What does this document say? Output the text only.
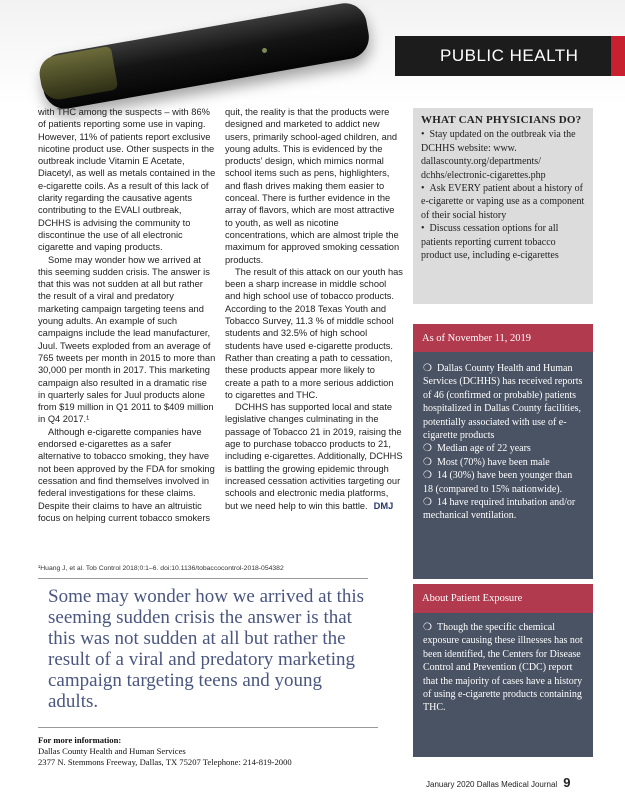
PUBLIC HEALTH

with THC among the suspects – with 86% of patients reporting some use in vaping. However, 11% of patients report exclusive nicotine product use. Other suspects in the outbreak include Vitamin E Acetate, Diacetyl, as well as metals contained in the e-cigarette coils. As a result of this lack of clarity regarding the causative agents contributing to the EVALI outbreak, DCHHS is advising the community to discontinue the use of all electronic cigarette and vaping products.

Some may wonder how we arrived at this seeming sudden crisis. The answer is that this was not sudden at all but rather the result of a viral and predatory marketing campaign targeting teens and young adults. An example of such campaigns include the lead manufacturer, Juul. Tweets exploded from an average of 765 tweets per month in 2015 to more than 30,000 per month in 2017. This marketing campaign also resulted in a dramatic rise in quarterly sales for Juul products alone from $19 million in Q1 2011 to $409 million in Q4 2017.¹

Although e-cigarette companies have endorsed e-cigarettes as a safer alternative to tobacco smoking, they have not been approved by the FDA for smoking cessation and find themselves involved in federal investigations for these claims. Despite their claims to have an altruistic focus on helping current tobacco smokers

quit, the reality is that the products were designed and marketed to addict new users, primarily school-aged children, and young adults. This is evidenced by the products' design, which mimics normal school items such as pens, highlighters, and flash drives making them easier to conceal. There is further evidence in the array of flavors, which are most attractive to youth, as well as nicotine concentrations, which are almost triple the maximum for approved smoking cessation products.

The result of this attack on our youth has been a sharp increase in middle school and high school use of tobacco products. According to the 2018 Texas Youth and Tobacco Survey, 11.3 % of middle school students and 32.5% of high school students have used e-cigarette products. Rather than creating a path to cessation, these products appear more likely to create a path to a more serious addiction to cigarettes and THC.

DCHHS has supported local and state legislative changes culminating in the passage of Tobacco 21 in 2019, raising the age to purchase tobacco products to 21, including e-cigarettes. Additionally, DCHHS is battling the growing epidemic through increased cessation activities targeting our schools and electronic media platforms, but we need help to win this battle. DMJ

¹Huang J, et al. Tob Control 2018;0:1–6. doi:10.1136/tobaccocontrol-2018-054382
Some may wonder how we arrived at this seeming sudden crisis the answer is that this was not sudden at all but rather the result of a viral and predatory marketing campaign targeting teens and young adults.
For more information:
Dallas County Health and Human Services
2377 N. Stemmons Freeway, Dallas, TX 75207 Telephone: 214-819-2000
WHAT CAN PHYSICIANS DO?
• Stay updated on the outbreak via the DCHHS website: www. dallascounty.org/departments/ dchhs/electronic-cigarettes.php
• Ask EVERY patient about a history of e-cigarette or vaping use as a component of their social history
• Discuss cessation options for all patients reporting current tobacco product use, including e-cigarettes
As of November 11, 2019

❍ Dallas County Health and Human Services (DCHHS) has received reports of 46 (confirmed or probable) patients hospitalized in Dallas County facilities, potentially associated with use of e-cigarette products

❍ Median age of 22 years

❍ Most (70%) have been male

❍ 14 (30%) have been younger than 18 (compared to 15% nationwide).

❍ 14 have required intubation and/or mechanical ventilation.

About Patient Exposure

❍ Though the specific chemical exposure causing these illnesses has not been identified, the Centers for Disease Control and Prevention (CDC) report that the majority of cases have a history of using e-cigarette products containing THC.

January 2020 Dallas Medical Journal 9
